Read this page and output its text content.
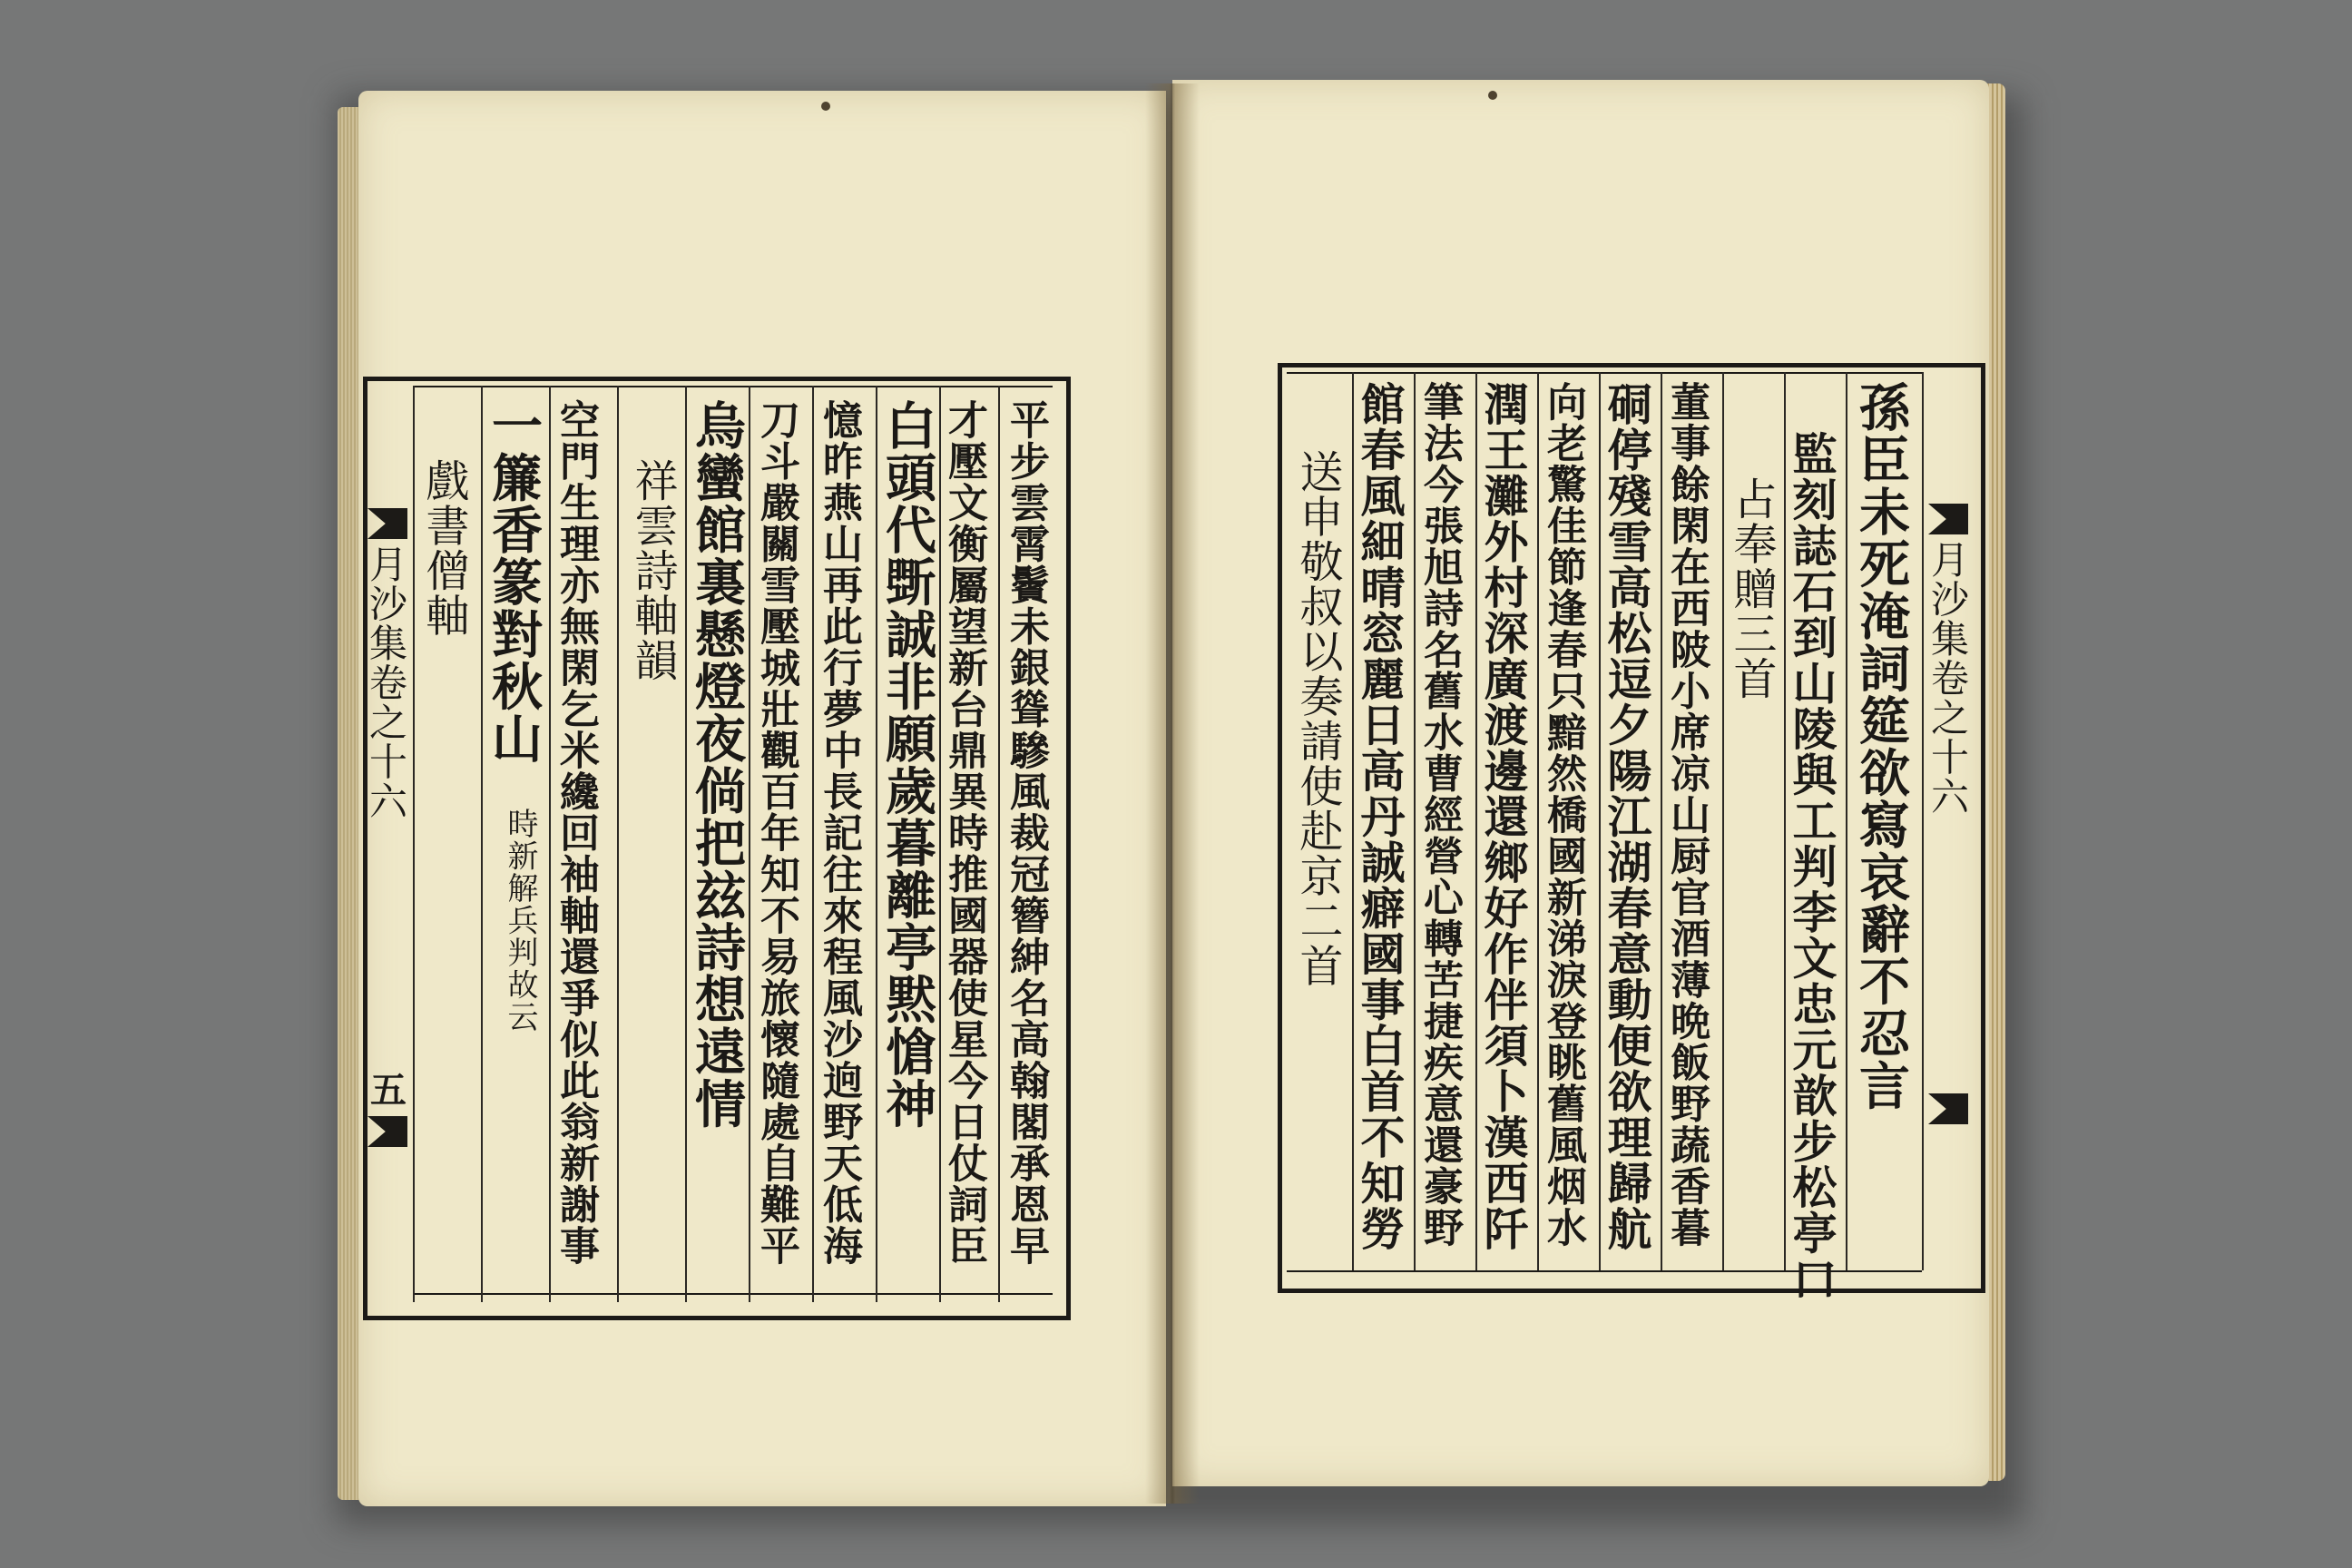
月沙集卷之十六
五	平步雲霄鬢未銀聳驂風裁冠簪紳名高翰閣承恩早
才壓文衡屬望新台鼎異時推國器使星今日仗詞臣
白頭代斲誠非願歲暮離亭黙愴神
憶昨燕山再此行夢中長記往來程風沙逈野天低海
刀斗嚴關雪壓城壯觀百年知不易旅懷隨處自難平
烏蠻館裏懸燈夜倘把玆詩想遠情
祥雲詩軸韻
空門生理亦無閑乞米纔回袖軸還爭似此翁新謝事
一簾香篆對秋山
時新解兵判故云
戲書僧軸	月沙集卷之十六
孫臣未死淹詞筵欲寫哀辭不忍言
監刻誌石到山陵與工判李文忠元歆步松亭口
占奉贈三首
董事餘閑在西陂小席凉山厨官酒薄晩飯野蔬香暮
硐停殘雪高松逗夕陽江湖春意動便欲理歸航
向老驚佳節逢春只黯然橋國新涕淚登眺舊風烟水
潤王灘外村深廣渡邊還鄉好作伴須卜漢西阡
筆法今張旭詩名舊水曹經營心轉苦捷疾意還豪野
館春風細晴窓麗日高丹誠癖國事白首不知勞
送申敬叔以奏請使赴京二首
